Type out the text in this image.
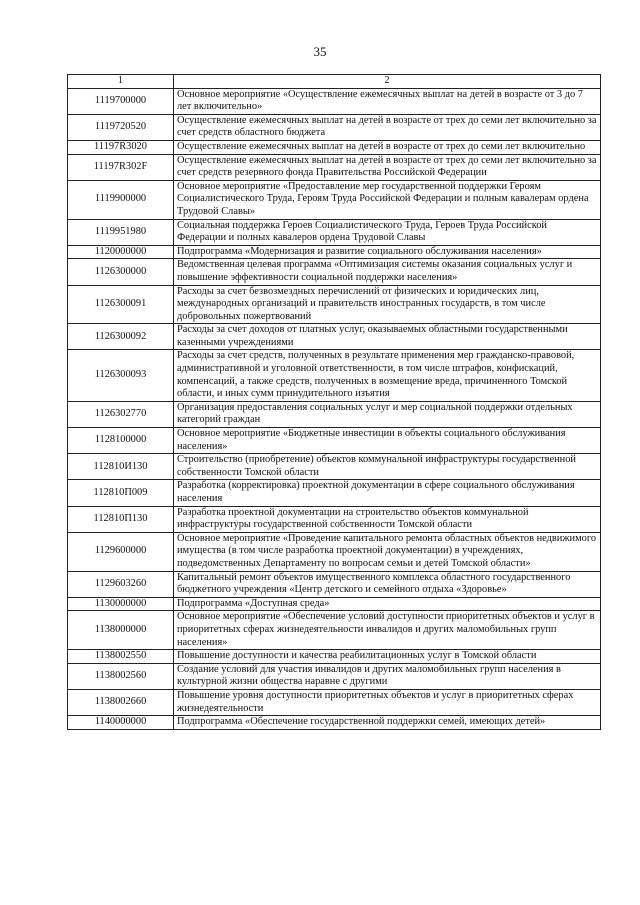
35
1	2
1119700000	Основное мероприятие «Осуществление ежемесячных выплат на детей в возрасте от 3 до 7 лет включительно»
1119720520	Осуществление ежемесячных выплат на детей в возрасте от трех до семи лет включительно за счет средств областного бюджета
11197R3020	Осуществление ежемесячных выплат на детей в возрасте от трех до семи лет включительно
11197R302F	Осуществление ежемесячных выплат на детей в возрасте от трех до семи лет включительно за счет средств резервного фонда Правительства Российской Федерации
1119900000	Основное мероприятие «Предоставление мер государственной поддержки Героям Социалистического Труда, Героям Труда Российской Федерации и полным кавалерам ордена Трудовой Славы»
1119951980	Социальная поддержка Героев Социалистического Труда, Героев Труда Российской Федерации и полных кавалеров ордена Трудовой Славы
1120000000	Подпрограмма «Модернизация и развитие социального обслуживания населения»
1126300000	Ведомственная целевая программа «Оптимизация системы оказания социальных услуг и повышение эффективности социальной поддержки населения»
1126300091	Расходы за счет безвозмездных перечислений от физических и юридических лиц, международных организаций и правительств иностранных государств, в том числе добровольных пожертвований
1126300092	Расходы за счет доходов от платных услуг, оказываемых областными государственными казенными учреждениями
1126300093	Расходы за счет средств, полученных в результате применения мер гражданско-правовой, административной и уголовной ответственности, в том числе штрафов, конфискаций, компенсаций, а также средств, полученных в возмещение вреда, причиненного Томской области, и иных сумм принудительного изъятия
1126302770	Организация предоставления социальных услуг и мер социальной поддержки отдельных категорий граждан
1128100000	Основное мероприятие «Бюджетные инвестиции в объекты социального обслуживания населения»
112810И130	Строительство (приобретение) объектов коммунальной инфраструктуры государственной собственности Томской области
112810П009	Разработка (корректировка) проектной документации в сфере социального обслуживания населения
112810П130	Разработка проектной документации на строительство объектов коммунальной инфраструктуры государственной собственности Томской области
1129600000	Основное мероприятие «Проведение капитального ремонта областных объектов недвижимого имущества (в том числе разработка проектной документации) в учреждениях, подведомственных Департаменту по вопросам семьи и детей Томской области»
1129603260	Капитальный ремонт объектов имущественного комплекса областного государственного бюджетного учреждения «Центр детского и семейного отдыха «Здоровье»
1130000000	Подпрограмма «Доступная среда»
1138000000	Основное мероприятие «Обеспечение условий доступности приоритетных объектов и услуг в приоритетных сферах жизнедеятельности инвалидов и других маломобильных групп населения»
1138002550	Повышение доступности и качества реабилитационных услуг в Томской области
1138002560	Создание условий для участия инвалидов и других маломобильных групп населения в культурной жизни общества наравне с другими
1138002660	Повышение уровня доступности приоритетных объектов и услуг в приоритетных сферах жизнедеятельности
1140000000	Подпрограмма «Обеспечение государственной поддержки семей, имеющих детей»
